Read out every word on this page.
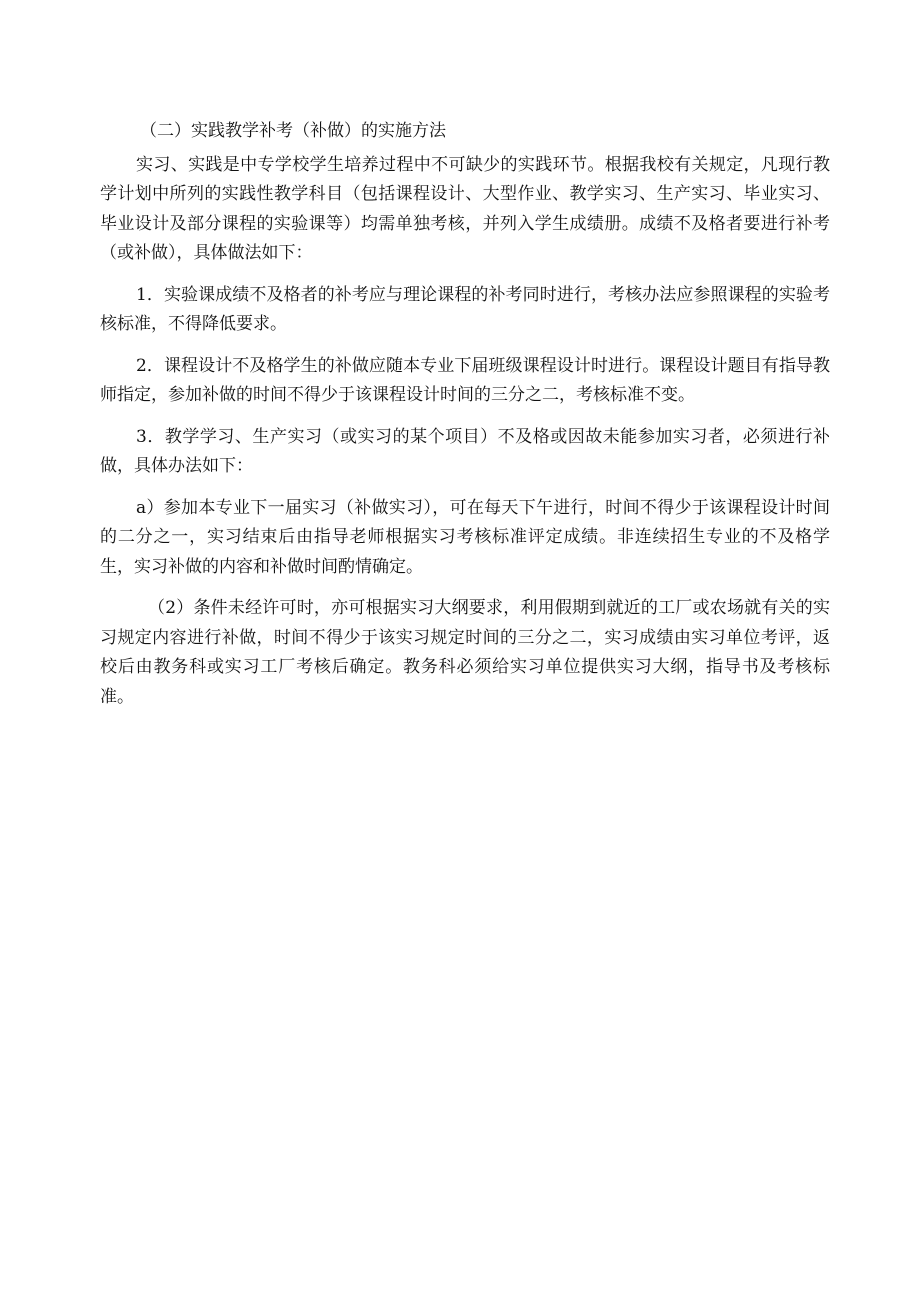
（二）实践教学补考（补做）的实施方法

实习、实践是中专学校学生培养过程中不可缺少的实践环节。根据我校有关规定，凡现行教学计划中所列的实践性教学科目（包括课程设计、大型作业、教学实习、生产实习、毕业实习、毕业设计及部分课程的实验课等）均需单独考核，并列入学生成绩册。成绩不及格者要进行补考（或补做），具体做法如下：

1．实验课成绩不及格者的补考应与理论课程的补考同时进行，考核办法应参照课程的实验考核标准，不得降低要求。

2．课程设计不及格学生的补做应随本专业下届班级课程设计时进行。课程设计题目有指导教师指定，参加补做的时间不得少于该课程设计时间的三分之二，考核标准不变。

3．教学学习、生产实习（或实习的某个项目）不及格或因故未能参加实习者，必须进行补做，具体办法如下：

a）参加本专业下一届实习（补做实习），可在每天下午进行，时间不得少于该课程设计时间的二分之一，实习结束后由指导老师根据实习考核标准评定成绩。非连续招生专业的不及格学生，实习补做的内容和补做时间酌情确定。

（2）条件未经许可时，亦可根据实习大纲要求，利用假期到就近的工厂或农场就有关的实习规定内容进行补做，时间不得少于该实习规定时间的三分之二，实习成绩由实习单位考评，返校后由教务科或实习工厂考核后确定。教务科必须给实习单位提供实习大纲，指导书及考核标准。
